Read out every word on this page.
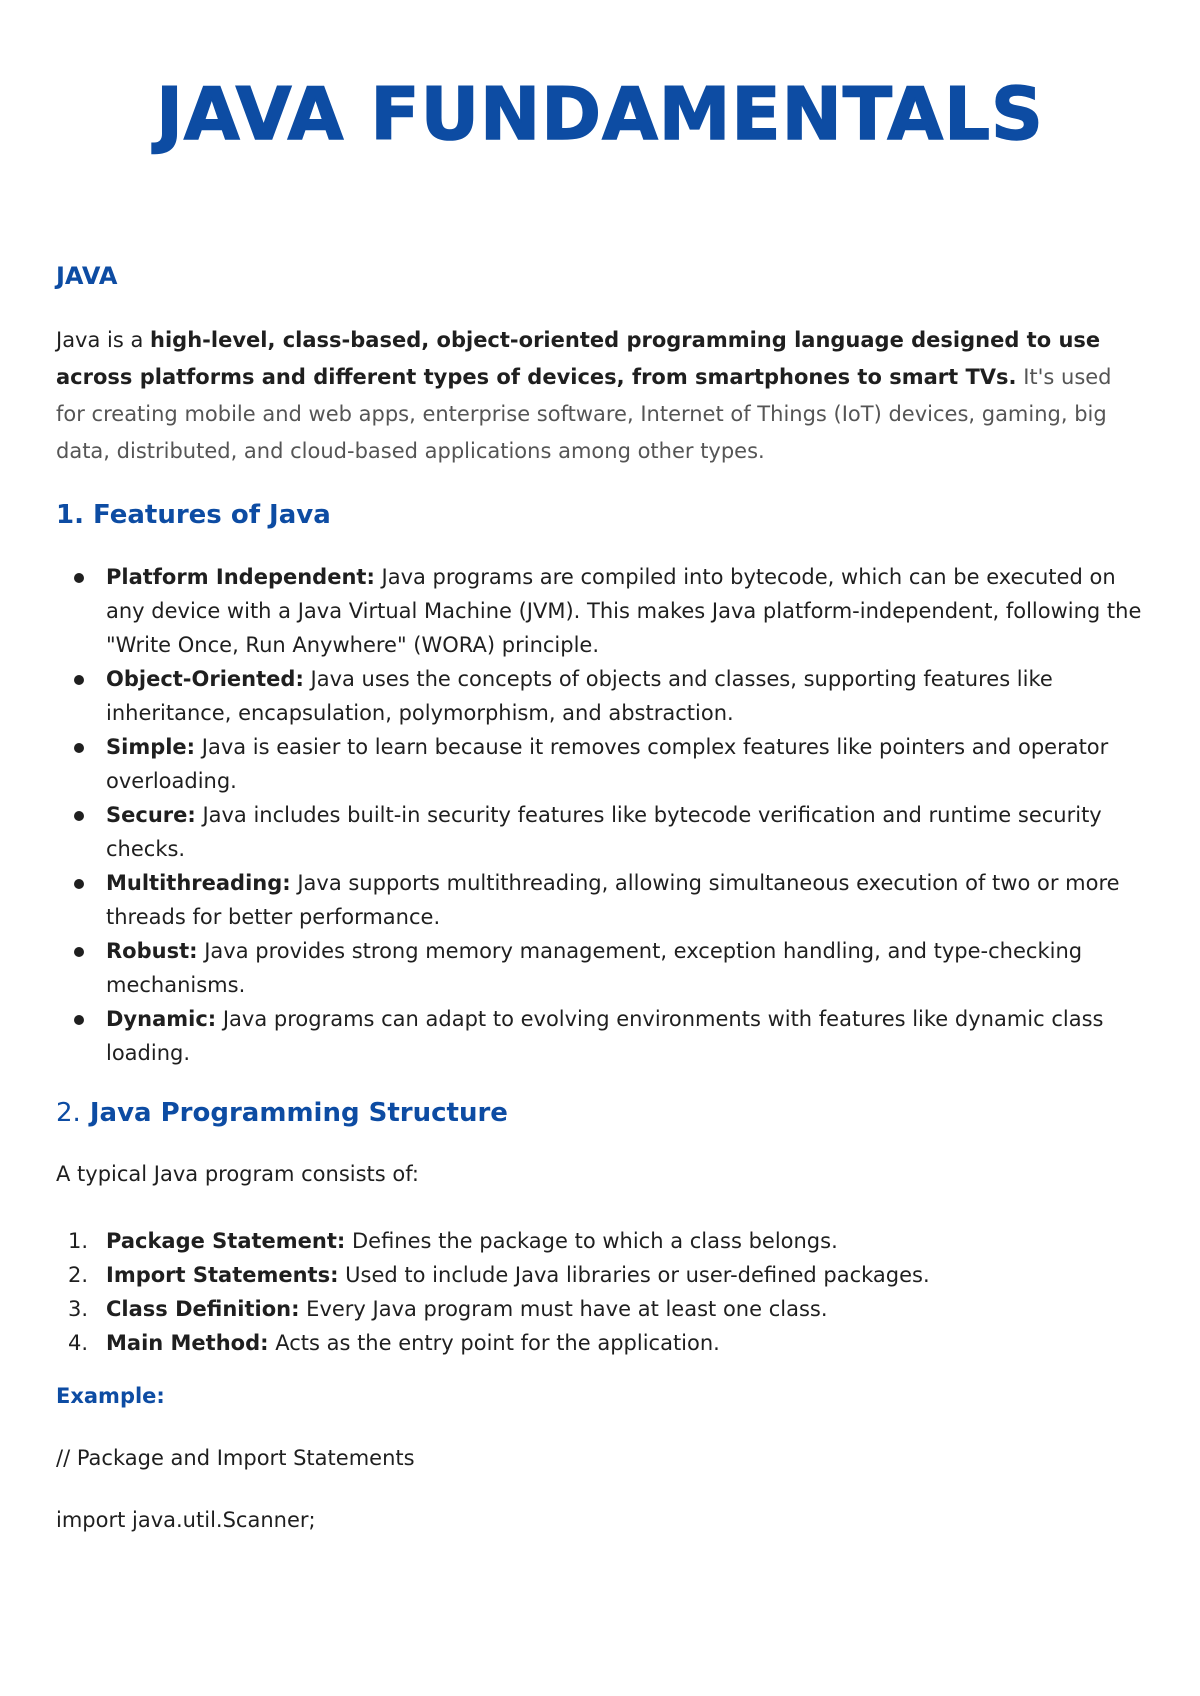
JAVA FUNDAMENTALS
JAVA

Java is a high-level, class-based, object-oriented programming language designed to use across platforms and different types of devices, from smartphones to smart TVs. It's used for creating mobile and web apps, enterprise software, Internet of Things (IoT) devices, gaming, big data, distributed, and cloud-based applications among other types.

1. Features of Java
Platform Independent: Java programs are compiled into bytecode, which can be executed on any device with a Java Virtual Machine (JVM). This makes Java platform-independent, following the "Write Once, Run Anywhere" (WORA) principle.
Object-Oriented: Java uses the concepts of objects and classes, supporting features like inheritance, encapsulation, polymorphism, and abstraction.
Simple: Java is easier to learn because it removes complex features like pointers and operator overloading.
Secure: Java includes built-in security features like bytecode verification and runtime security checks.
Multithreading: Java supports multithreading, allowing simultaneous execution of two or more threads for better performance.
Robust: Java provides strong memory management, exception handling, and type-checking mechanisms.
Dynamic: Java programs can adapt to evolving environments with features like dynamic class loading.
2. Java Programming Structure

A typical Java program consists of:

1. Package Statement: Defines the package to which a class belongs.
2. Import Statements: Used to include Java libraries or user-defined packages.
3. Class Definition: Every Java program must have at least one class.
4. Main Method: Acts as the entry point for the application.

Example:

// Package and Import Statements

import java.util.Scanner;
